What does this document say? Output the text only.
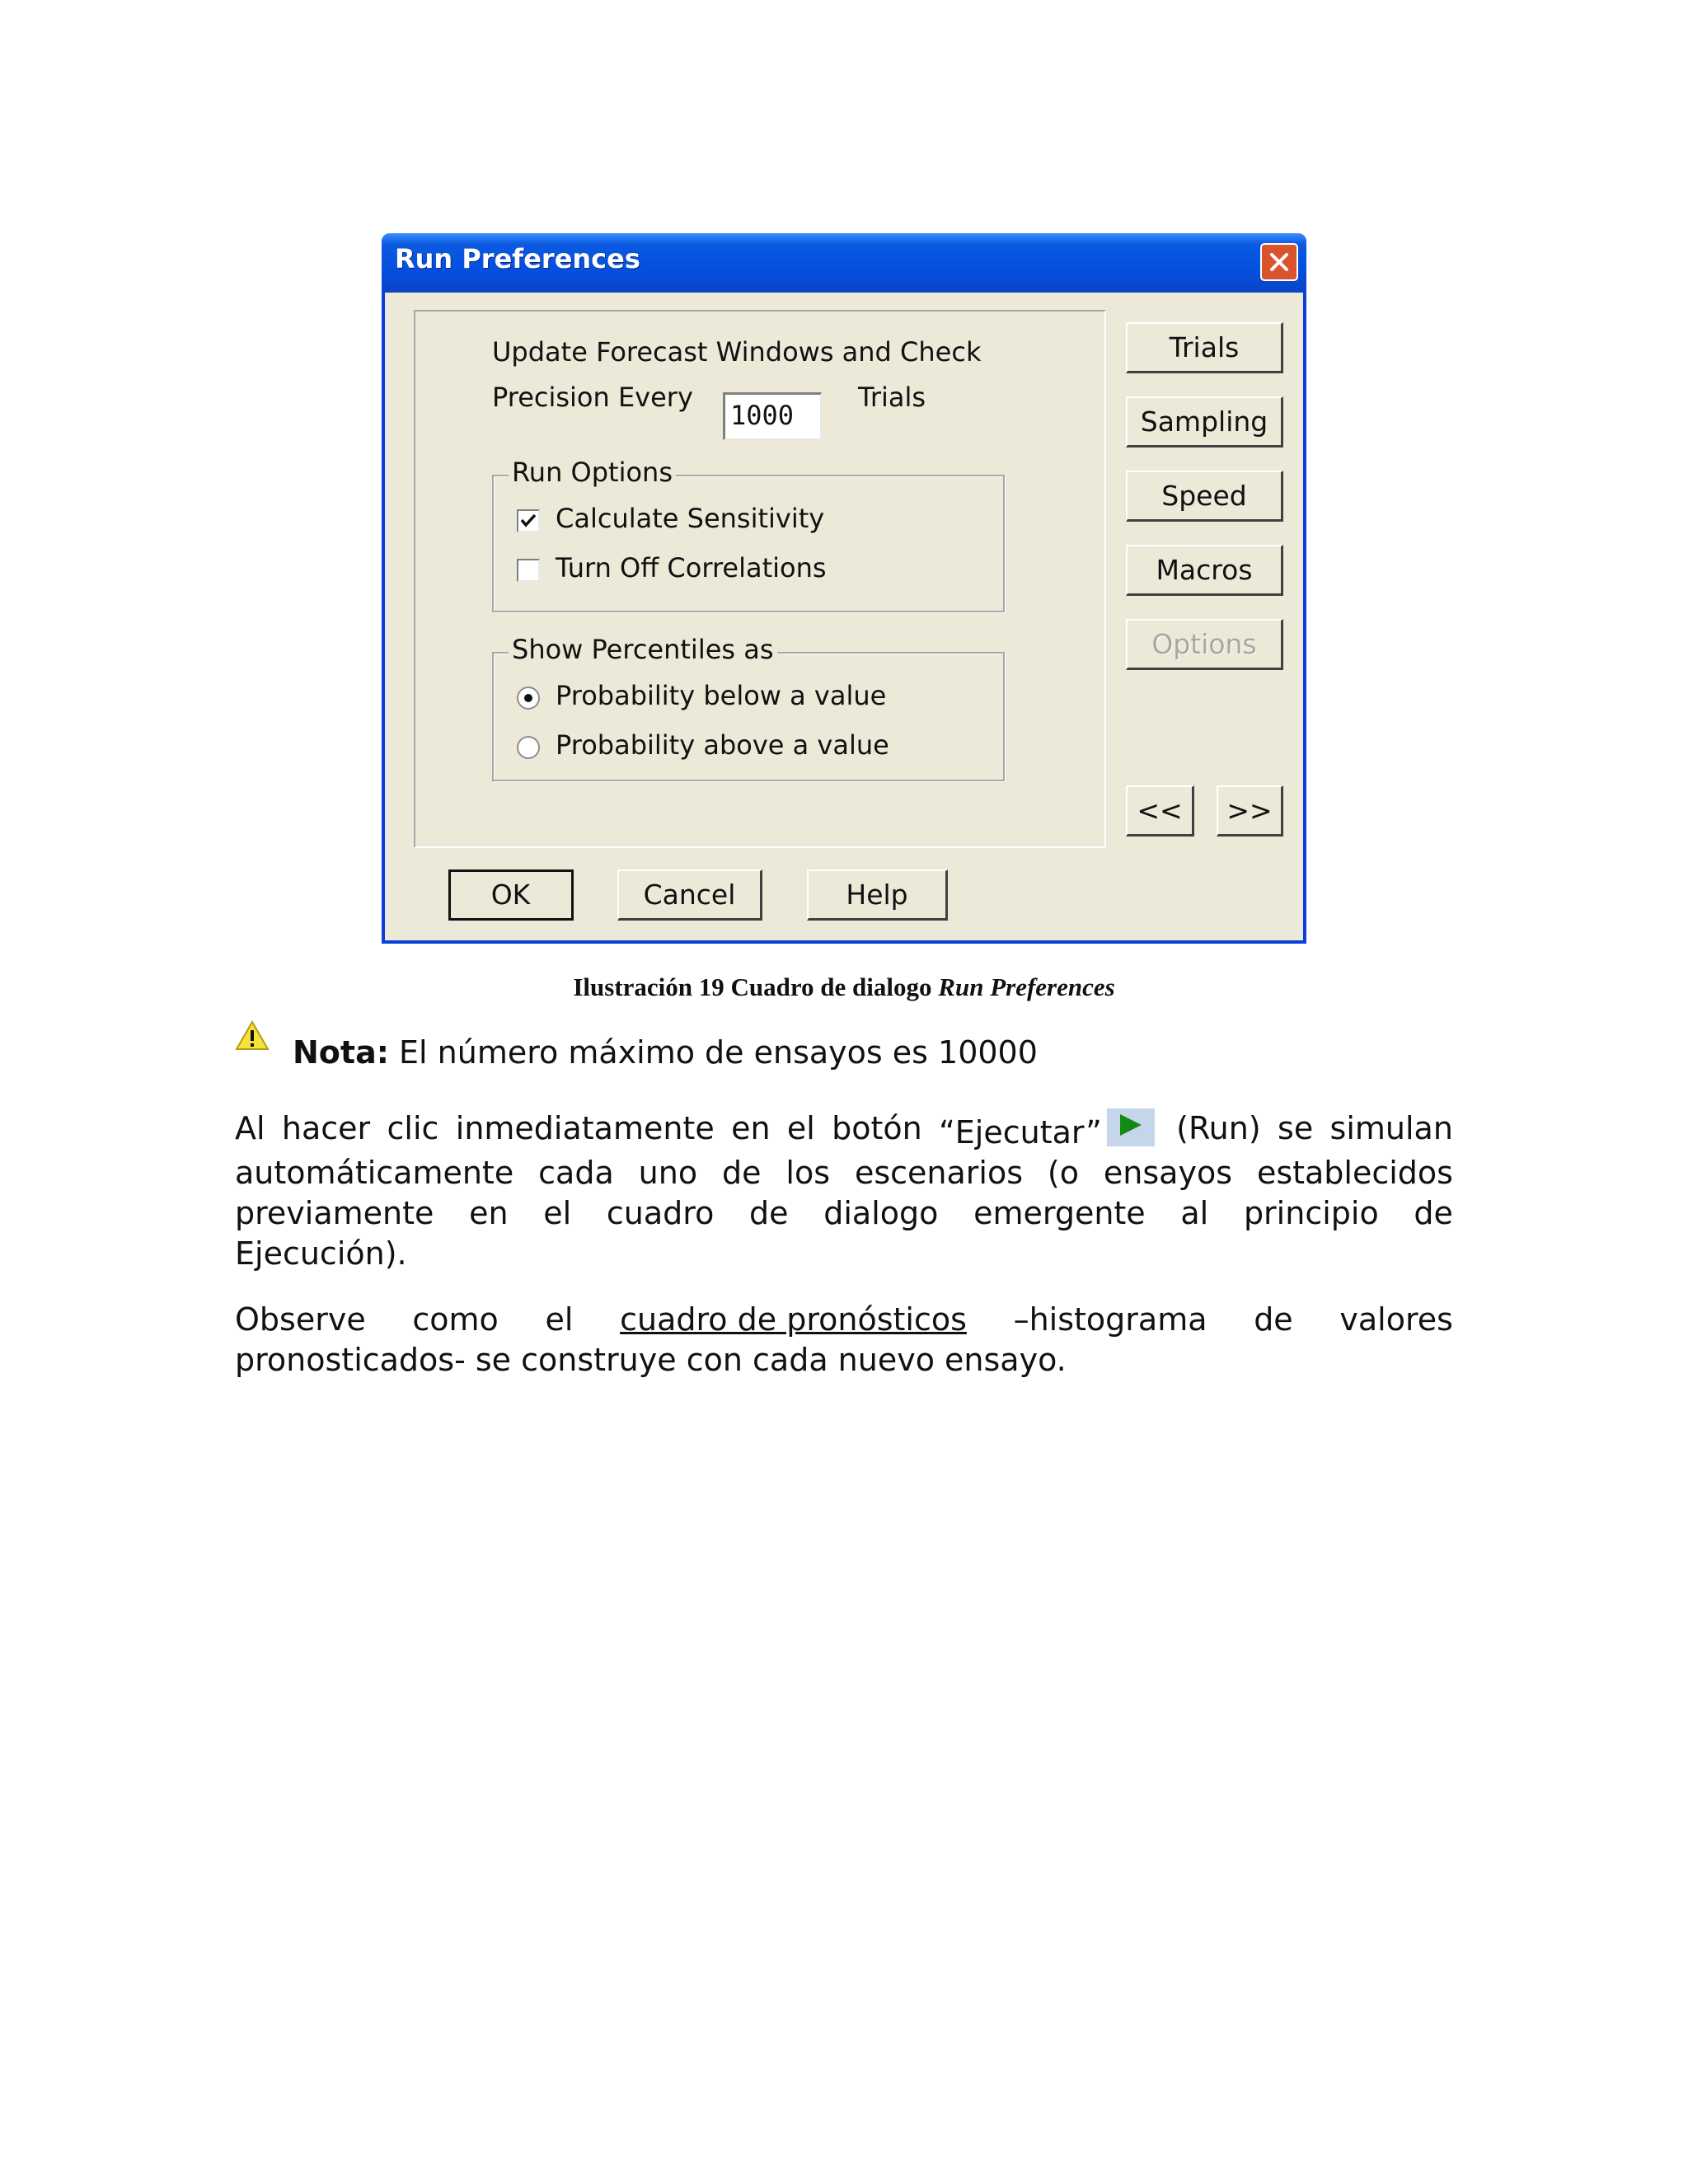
Run Preferences
Update Forecast Windows and Check
Precision Every
1000
Trials
Run Options
Calculate Sensitivity
Turn Off Correlations
Show Percentiles as
Probability below a value
Probability above a value
Trials
Sampling
Speed
Macros
Options
<<	>>
OK	Cancel	Help
Ilustración 19 Cuadro de dialogo Run Preferences
Nota: El número máximo de ensayos es 10000
Al hacer clic inmediatamente en el botón “Ejecutar”	(Run) se simulan
automáticamente cada uno de los escenarios (o ensayos establecidos
previamente en el cuadro de dialogo emergente al principio de
Ejecución).
Observe como el cuadro de pronósticos –histograma de valores
pronosticados- se construye con cada nuevo ensayo.
